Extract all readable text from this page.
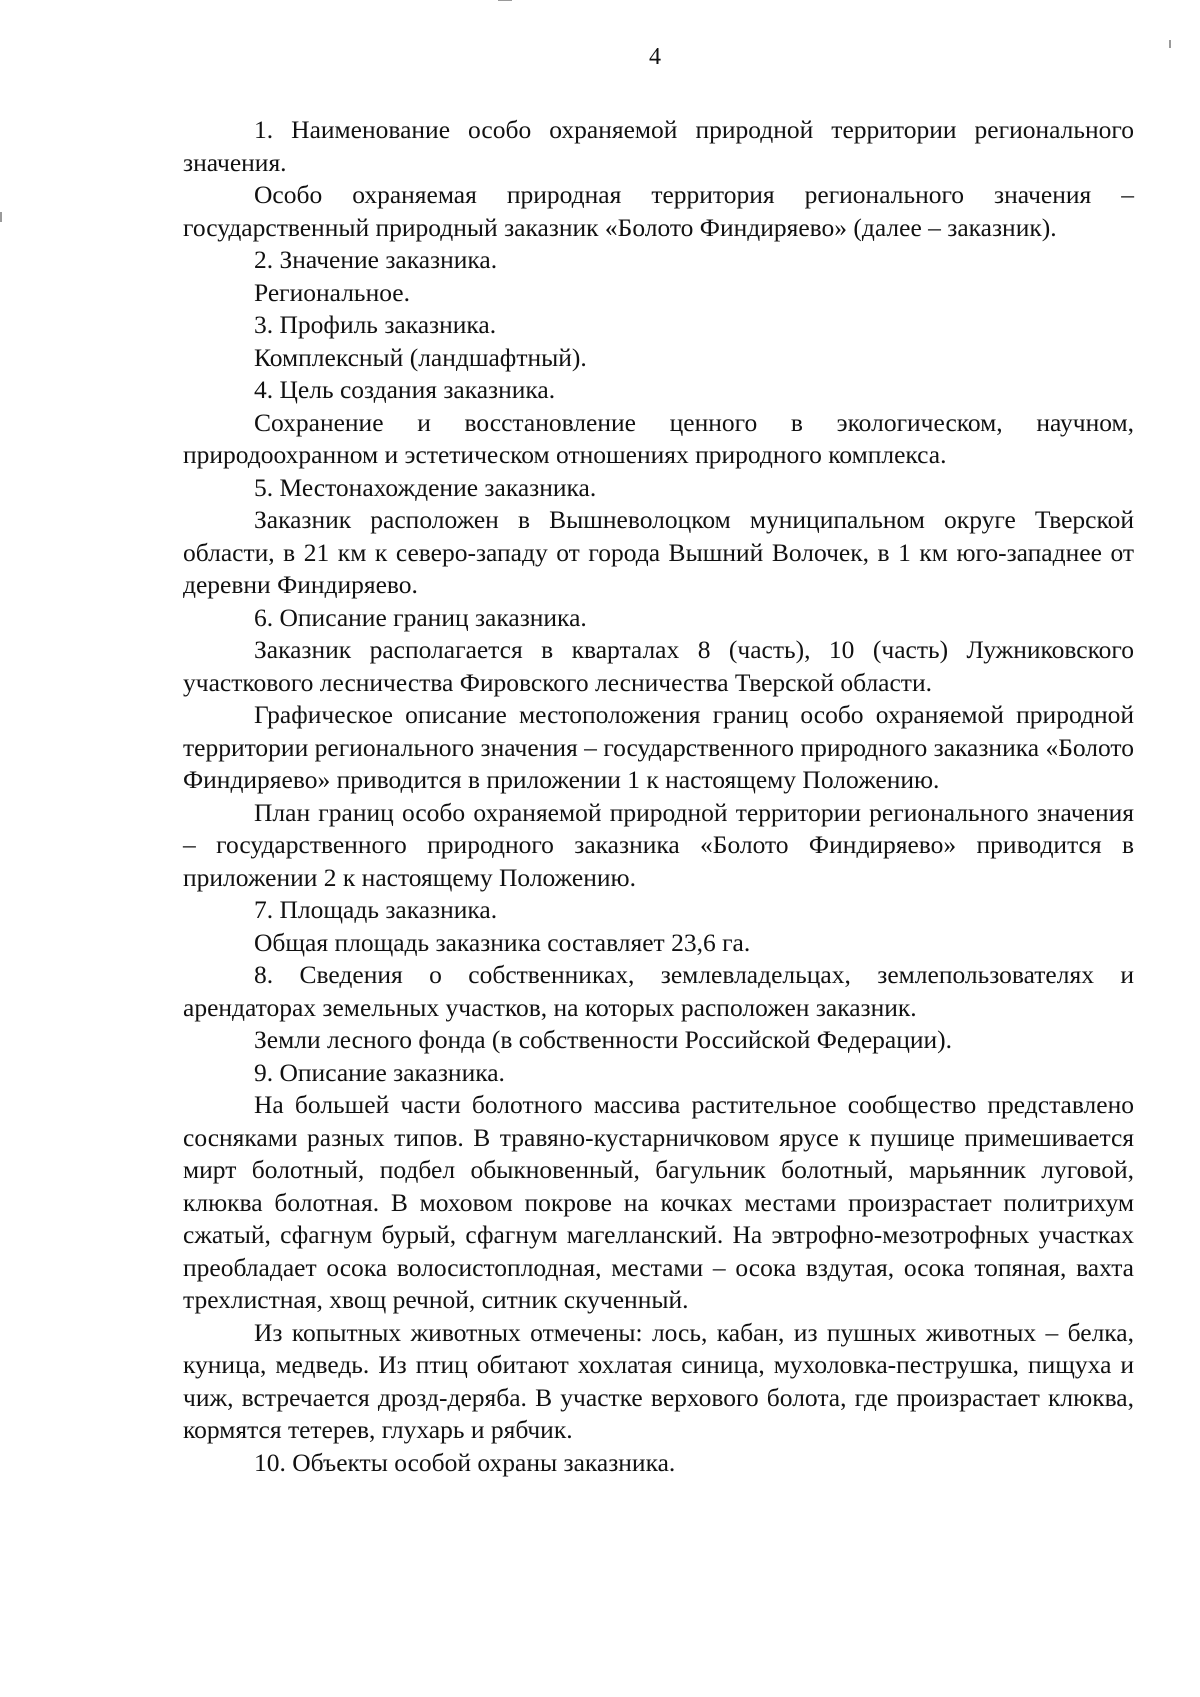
4

1. Наименование особо охраняемой природной территории регионального значения.

Особо охраняемая природная территория регионального значения – государственный природный заказник «Болото Финдиряево» (далее – заказник).

2. Значение заказника.

Региональное.

3. Профиль заказника.

Комплексный (ландшафтный).

4. Цель создания заказника.

Сохранение и восстановление ценного в экологическом, научном, природоохранном и эстетическом отношениях природного комплекса.

5. Местонахождение заказника.

Заказник расположен в Вышневолоцком муниципальном округе Тверской области, в 21 км к северо-западу от города Вышний Волочек, в 1 км юго-западнее от деревни Финдиряево.

6. Описание границ заказника.

Заказник располагается в кварталах 8 (часть), 10 (часть) Лужниковского участкового лесничества Фировского лесничества Тверской области.

Графическое описание местоположения границ особо охраняемой природной территории регионального значения – государственного природного заказника «Болото Финдиряево» приводится в приложении 1 к настоящему Положению.

План границ особо охраняемой природной территории регионального значения – государственного природного заказника «Болото Финдиряево» приводится в приложении 2 к настоящему Положению.

7. Площадь заказника.

Общая площадь заказника составляет 23,6 га.

8. Сведения о собственниках, землевладельцах, землепользователях и арендаторах земельных участков, на которых расположен заказник.

Земли лесного фонда (в собственности Российской Федерации).

9. Описание заказника.

На большей части болотного массива растительное сообщество представлено сосняками разных типов. В травяно-кустарничковом ярусе к пушице примешивается мирт болотный, подбел обыкновенный, багульник болотный, марьянник луговой, клюква болотная. В моховом покрове на кочках местами произрастает политрихум сжатый, сфагнум бурый, сфагнум магелланский. На эвтрофно-мезотрофных участках преобладает осока волосистоплодная, местами – осока вздутая, осока топяная, вахта трехлистная, хвощ речной, ситник скученный.

Из копытных животных отмечены: лось, кабан, из пушных животных – белка, куница, медведь. Из птиц обитают хохлатая синица, мухоловка-пеструшка, пищуха и чиж, встречается дрозд-деряба. В участке верхового болота, где произрастает клюква, кормятся тетерев, глухарь и рябчик.

10. Объекты особой охраны заказника.
